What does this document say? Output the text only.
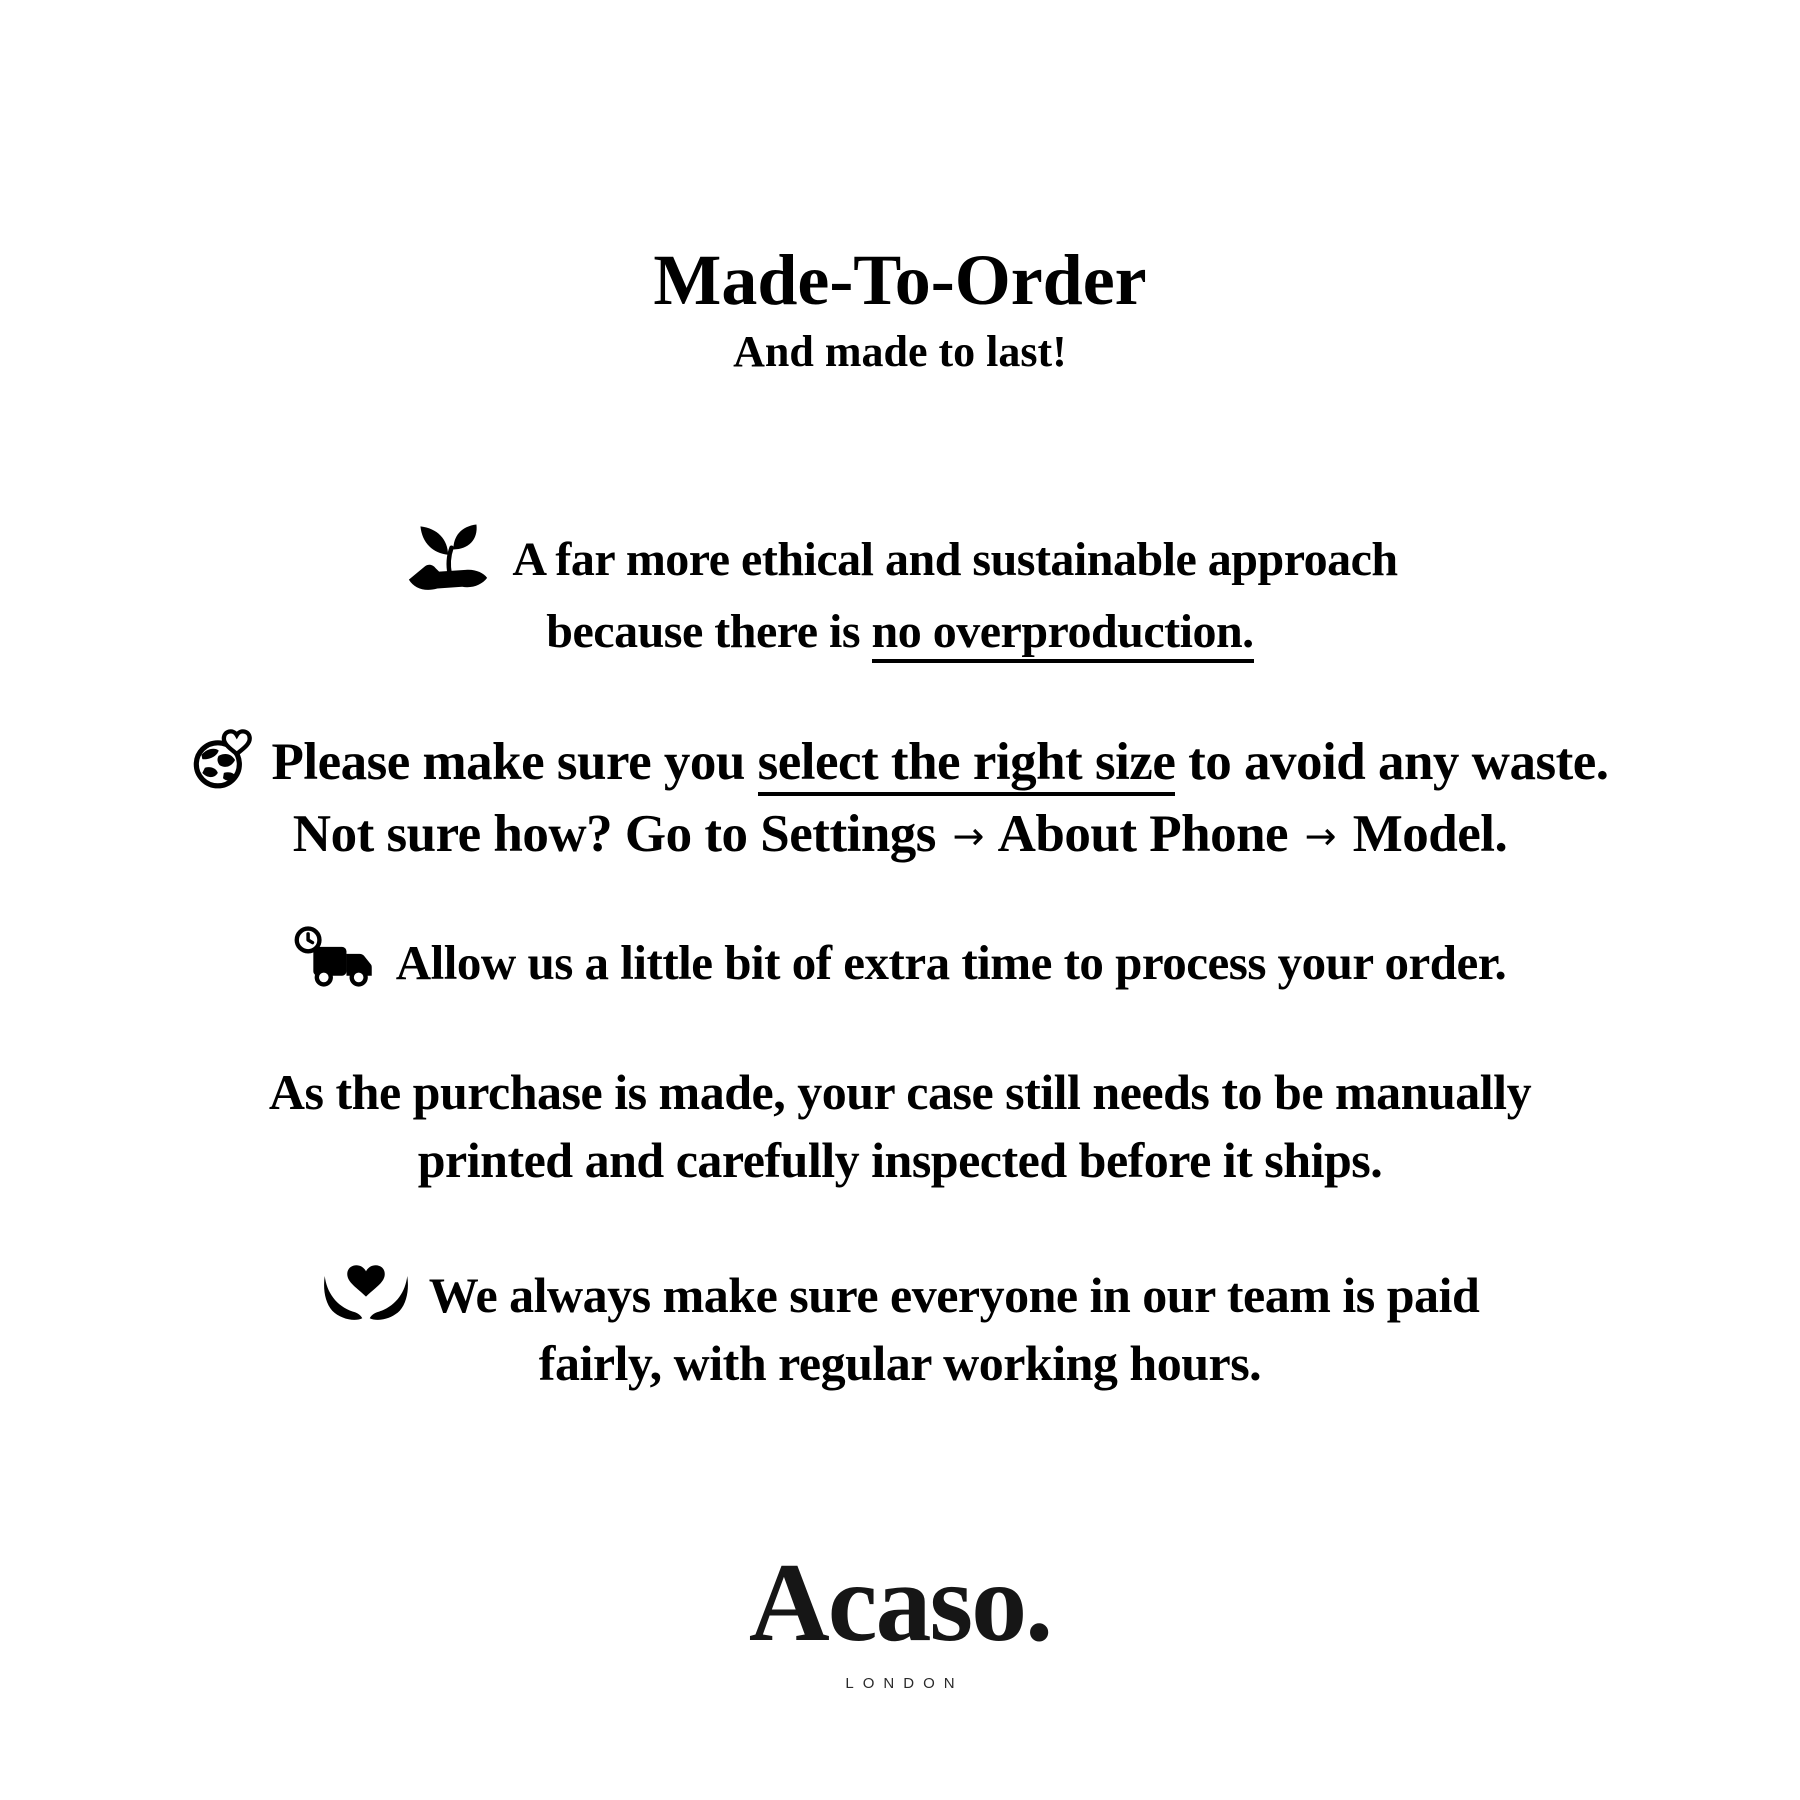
Made-To-Order
And made to last!
A far more ethical and sustainable approach
because there is no overproduction.
Please make sure you select the right size to avoid any waste.
Not sure how? Go to Settings → About Phone → Model.
Allow us a little bit of extra time to process your order.
As the purchase is made, your case still needs to be manually
printed and carefully inspected before it ships.
We always make sure everyone in our team is paid
fairly, with regular working hours.
Acaso.
LONDON
